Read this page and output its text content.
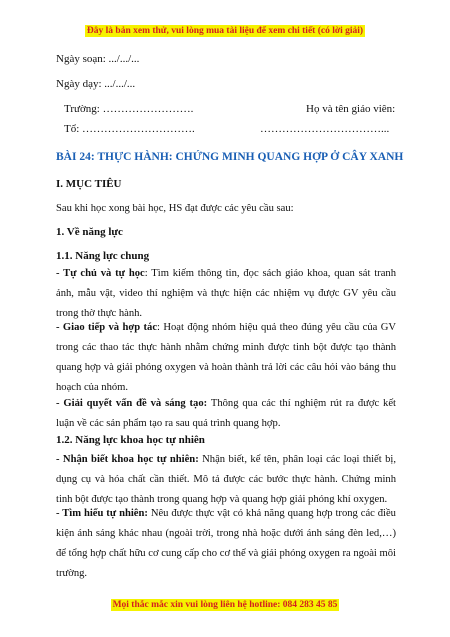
Đây là bản xem thử, vui lòng mua tài liệu để xem chi tiết (có lời giải)
Ngày soạn: .../.../...
Ngày dạy: .../.../...
Trường: …………………….	Họ và tên giáo viên:
Tổ: ………………………….	……………………………...
BÀI 24: THỰC HÀNH: CHỨNG MINH QUANG HỢP Ở CÂY XANH
I. MỤC TIÊU
Sau khi học xong bài học, HS đạt được các yêu cầu sau:
1. Về năng lực
1.1. Năng lực chung
- Tự chủ và tự học: Tìm kiếm thông tin, đọc sách giáo khoa, quan sát tranh ảnh, mẫu vật, video thí nghiệm và thực hiện các nhiệm vụ được GV yêu cầu trong thờ thực hành.
- Giao tiếp và hợp tác: Hoạt động nhóm hiệu quả theo đúng yêu cầu của GV trong các thao tác thực hành nhằm chứng minh được tinh bột được tạo thành quang hợp và giải phóng oxygen và hoàn thành trả lời các câu hỏi vào bảng thu hoạch của nhóm.
- Giải quyết vấn đề và sáng tạo: Thông qua các thí nghiệm rút ra được kết luận về các sản phẩm tạo ra sau quá trình quang hợp.
1.2. Năng lực khoa học tự nhiên
- Nhận biết khoa học tự nhiên: Nhận biết, kể tên, phân loại các loại thiết bị, dụng cụ và hóa chất cần thiết. Mô tả được các bước thực hành. Chứng minh tinh bột được tạo thành trong quang hợp và quang hợp giải phóng khí oxygen.
- Tìm hiểu tự nhiên: Nêu được thực vật có khả năng quang hợp trong các điều kiện ánh sáng khác nhau (ngoài trời, trong nhà hoặc dưới ánh sáng đèn led,…) để tổng hợp chất hữu cơ cung cấp cho cơ thể và giải phóng oxygen ra ngoài môi trường.
Mọi thắc mắc xin vui lòng liên hệ hotline: 084 283 45 85
